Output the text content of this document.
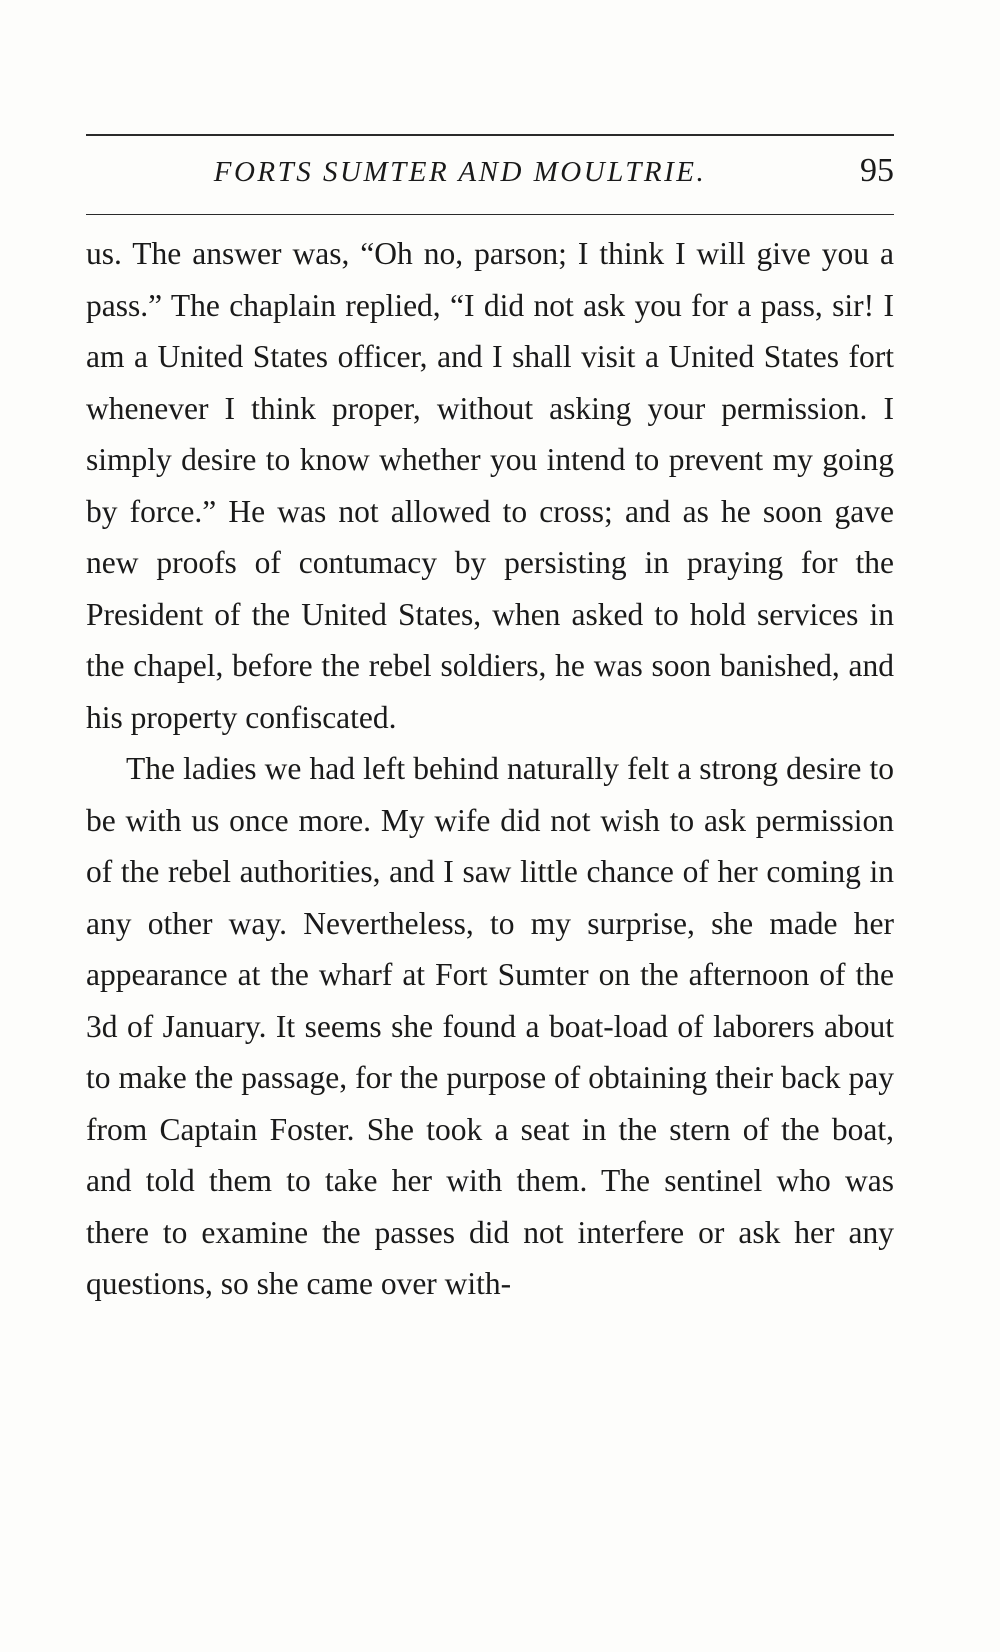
FORTS SUMTER AND MOULTRIE.	95

us. The answer was, “Oh no, parson; I think I will give you a pass.” The chaplain replied, “I did not ask you for a pass, sir! I am a United States officer, and I shall visit a United States fort whenever I think proper, without asking your permission. I simply desire to know whether you intend to prevent my going by force.” He was not allowed to cross; and as he soon gave new proofs of contumacy by persisting in praying for the President of the United States, when asked to hold services in the chapel, before the rebel soldiers, he was soon banished, and his property confiscated.

The ladies we had left behind naturally felt a strong desire to be with us once more. My wife did not wish to ask permission of the rebel authorities, and I saw little chance of her coming in any other way. Nevertheless, to my surprise, she made her appearance at the wharf at Fort Sumter on the afternoon of the 3d of January. It seems she found a boat-load of laborers about to make the passage, for the purpose of obtaining their back pay from Captain Foster. She took a seat in the stern of the boat, and told them to take her with them. The sentinel who was there to examine the passes did not interfere or ask her any questions, so she came over with-
